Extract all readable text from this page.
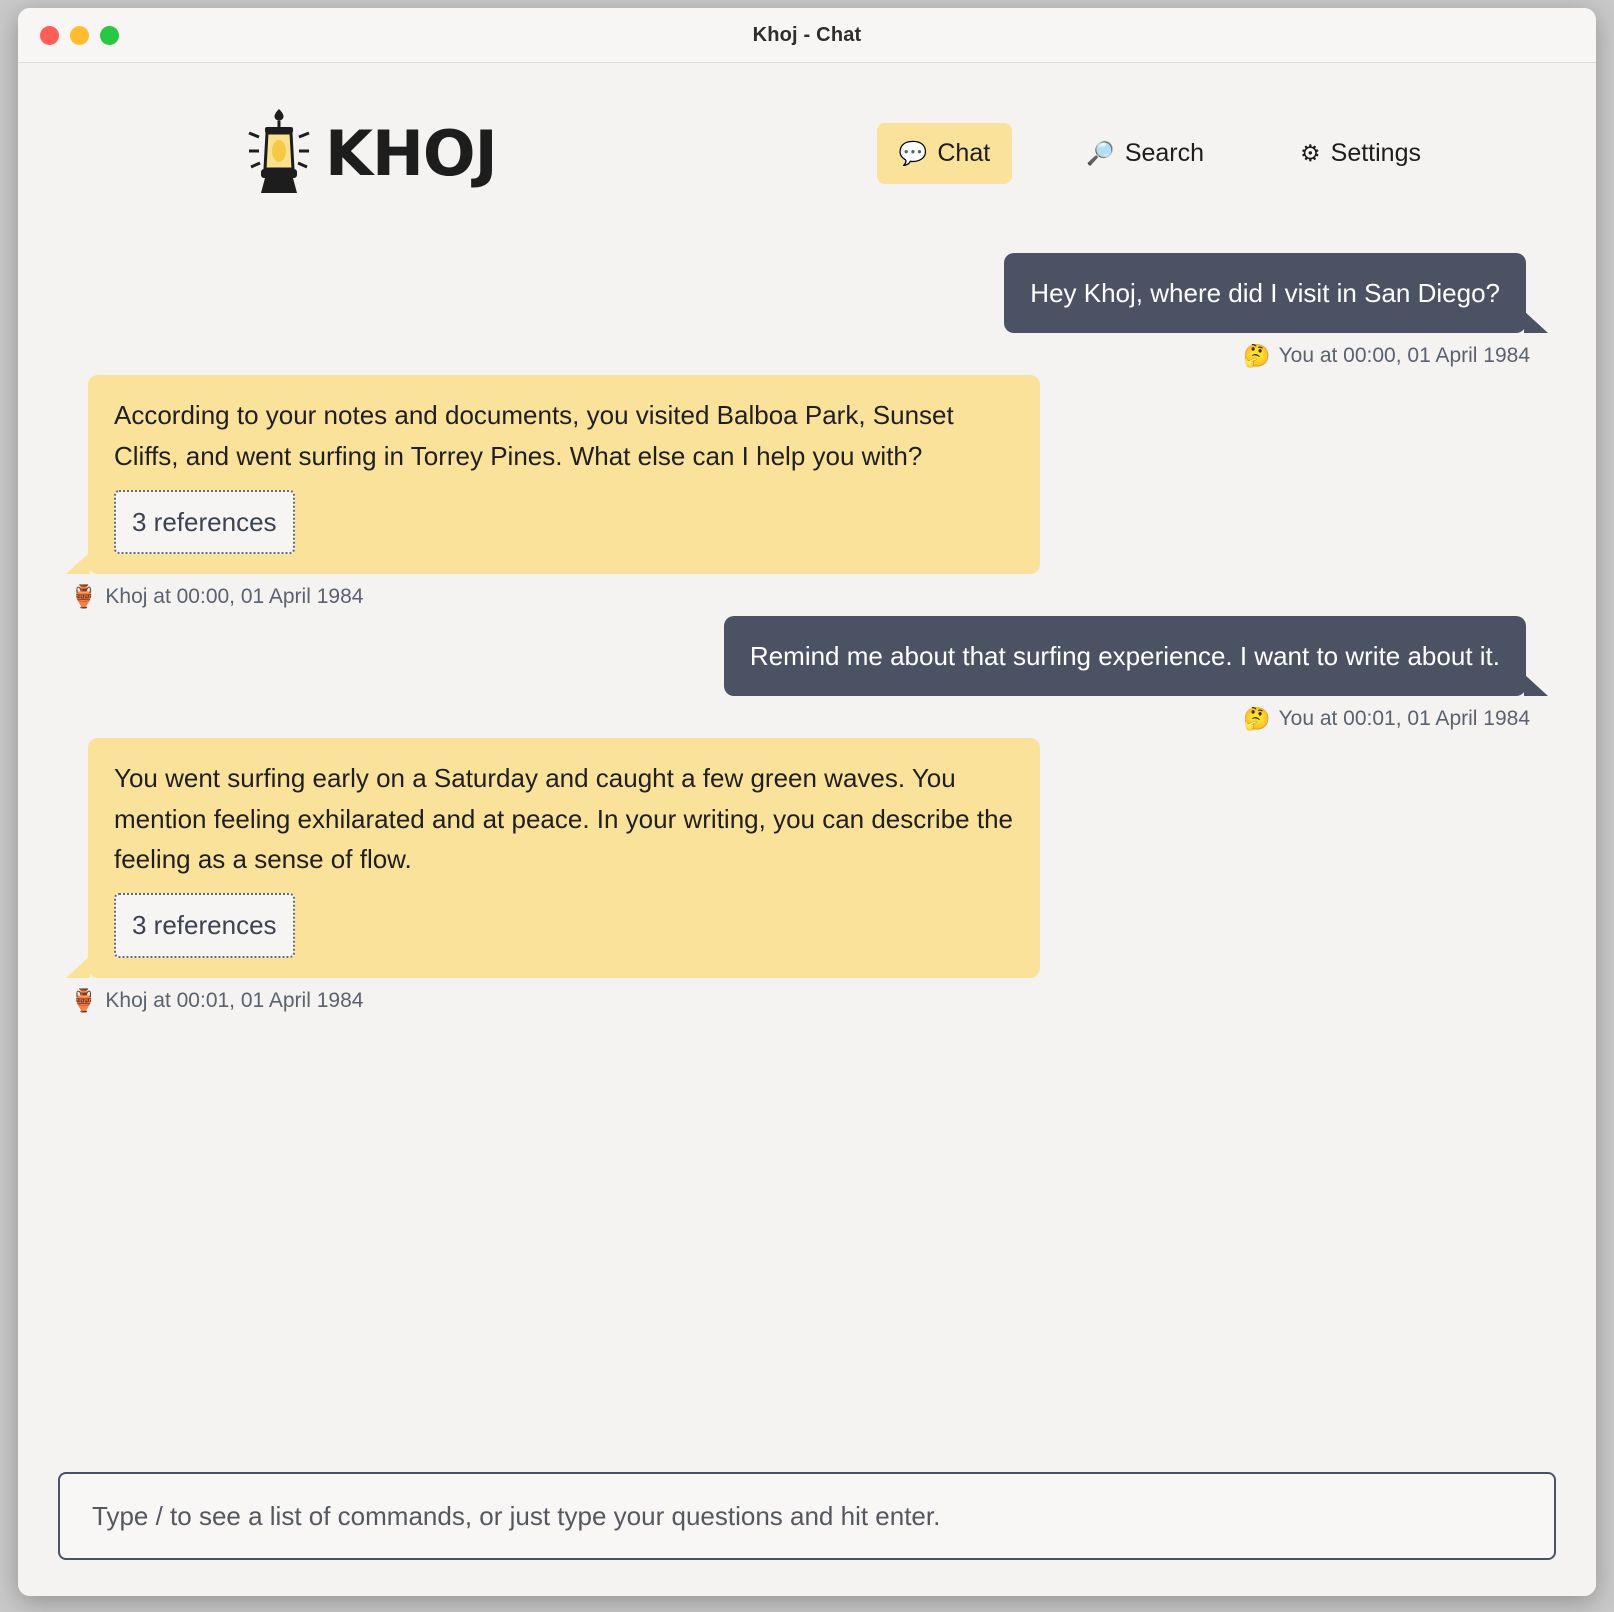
Khoj - Chat
KHOJ	💬 Chat	🔎 Search	⚙ Settings
Hey Khoj, where did I visit in San Diego?
🤔 You at 00:00, 01 April 1984
According to your notes and documents, you visited Balboa Park, Sunset Cliffs, and went surfing in Torrey Pines. What else can I help you with?
3 references
🏺 Khoj at 00:00, 01 April 1984
Remind me about that surfing experience. I want to write about it.
🤔 You at 00:01, 01 April 1984
You went surfing early on a Saturday and caught a few green waves. You mention feeling exhilarated and at peace. In your writing, you can describe the feeling as a sense of flow.
3 references
🏺 Khoj at 00:01, 01 April 1984
Type / to see a list of commands, or just type your questions and hit enter.
